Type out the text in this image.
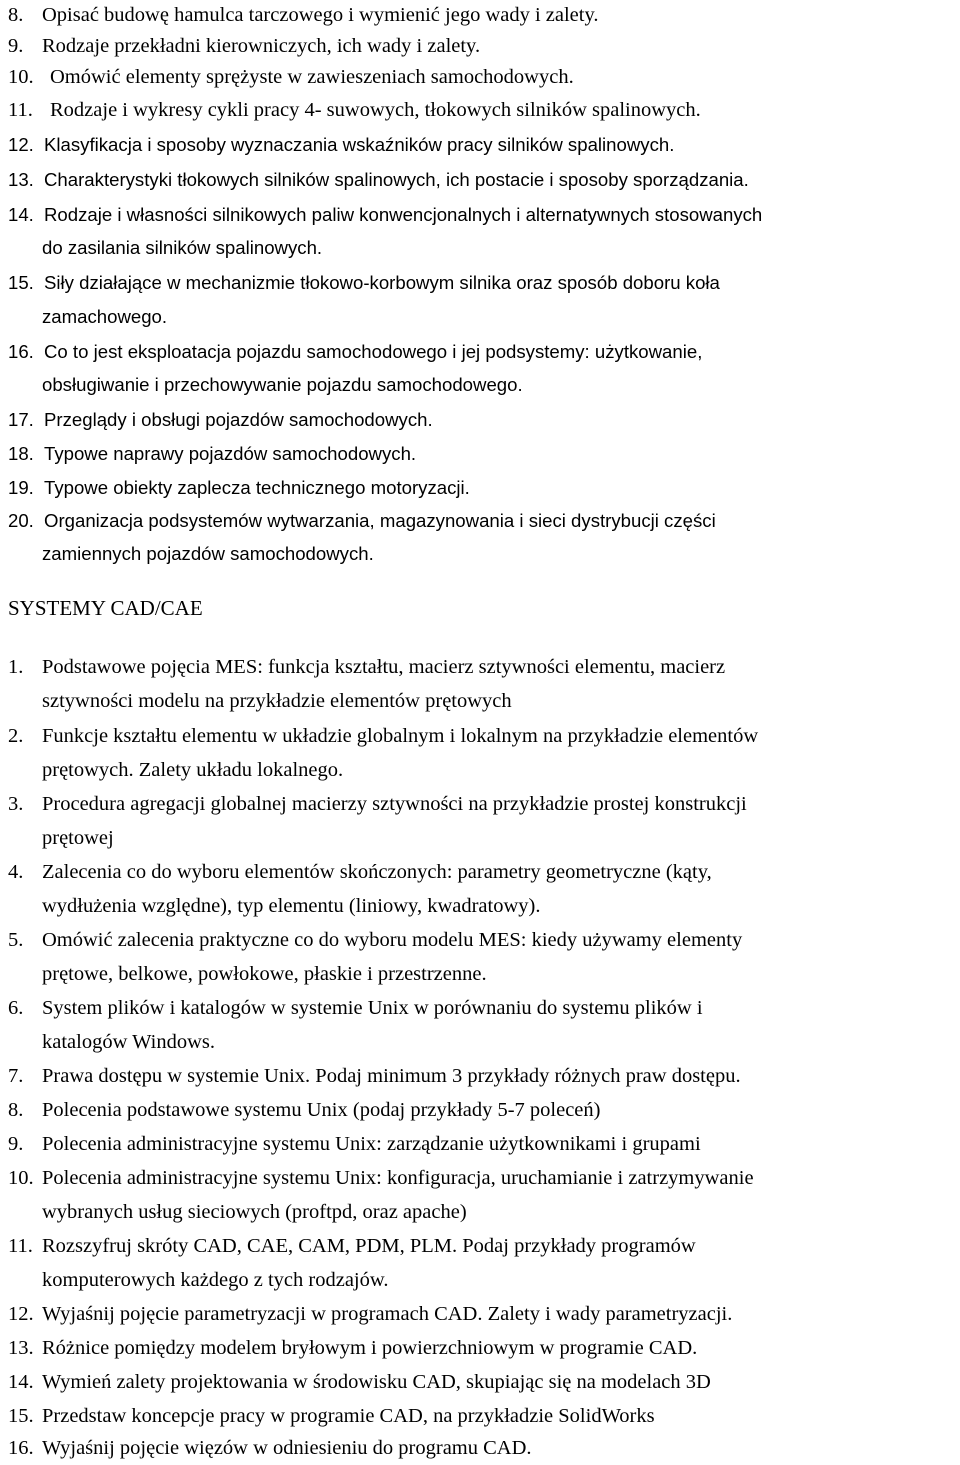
8. Opisać budowę hamulca tarczowego i wymienić jego wady i zalety.
9. Rodzaje przekładni kierowniczych, ich wady i zalety.
10. Omówić elementy sprężyste w zawieszeniach samochodowych.
11. Rodzaje i wykresy cykli pracy 4- suwowych, tłokowych silników spalinowych.
12. Klasyfikacja i sposoby wyznaczania wskaźników pracy silników spalinowych.
13. Charakterystyki tłokowych silników spalinowych, ich postacie i sposoby sporządzania.
14. Rodzaje i własności silnikowych paliw konwencjonalnych i alternatywnych stosowanych
do zasilania silników spalinowych.
15. Siły działające w mechanizmie tłokowo-korbowym silnika oraz sposób doboru koła
zamachowego.
16. Co to jest eksploatacja pojazdu samochodowego i jej podsystemy: użytkowanie,
obsługiwanie i przechowywanie pojazdu samochodowego.
17. Przeglądy i obsługi pojazdów samochodowych.
18. Typowe naprawy pojazdów samochodowych.
19. Typowe obiekty zaplecza technicznego motoryzacji.
20. Organizacja podsystemów wytwarzania, magazynowania i sieci dystrybucji części
zamiennych pojazdów samochodowych.
SYSTEMY CAD/CAE
1. Podstawowe pojęcia MES: funkcja kształtu, macierz sztywności elementu, macierz
sztywności modelu na przykładzie elementów prętowych
2. Funkcje kształtu elementu w układzie globalnym i lokalnym na przykładzie elementów
prętowych. Zalety układu lokalnego.
3. Procedura agregacji globalnej macierzy sztywności na przykładzie prostej konstrukcji
prętowej
4. Zalecenia co do wyboru elementów skończonych: parametry geometryczne (kąty,
wydłużenia względne), typ elementu (liniowy, kwadratowy).
5. Omówić zalecenia praktyczne co do wyboru modelu MES: kiedy używamy elementy
prętowe, belkowe, powłokowe, płaskie i przestrzenne.
6. System plików i katalogów w systemie Unix w porównaniu do systemu plików i
katalogów Windows.
7. Prawa dostępu w systemie Unix. Podaj minimum 3 przykłady różnych praw dostępu.
8. Polecenia podstawowe systemu Unix (podaj przykłady 5-7 poleceń)
9. Polecenia administracyjne systemu Unix: zarządzanie użytkownikami i grupami
10. Polecenia administracyjne systemu Unix: konfiguracja, uruchamianie i zatrzymywanie
wybranych usług sieciowych (proftpd, oraz apache)
11. Rozszyfruj skróty CAD, CAE, CAM, PDM, PLM. Podaj przykłady programów
komputerowych każdego z tych rodzajów.
12. Wyjaśnij pojęcie parametryzacji w programach CAD. Zalety i wady parametryzacji.
13. Różnice pomiędzy modelem bryłowym i powierzchniowym w programie CAD.
14. Wymień zalety projektowania w środowisku CAD, skupiając się na modelach 3D
15. Przedstaw koncepcje pracy w programie CAD, na przykładzie SolidWorks
16. Wyjaśnij pojęcie więzów w odniesieniu do programu CAD.
